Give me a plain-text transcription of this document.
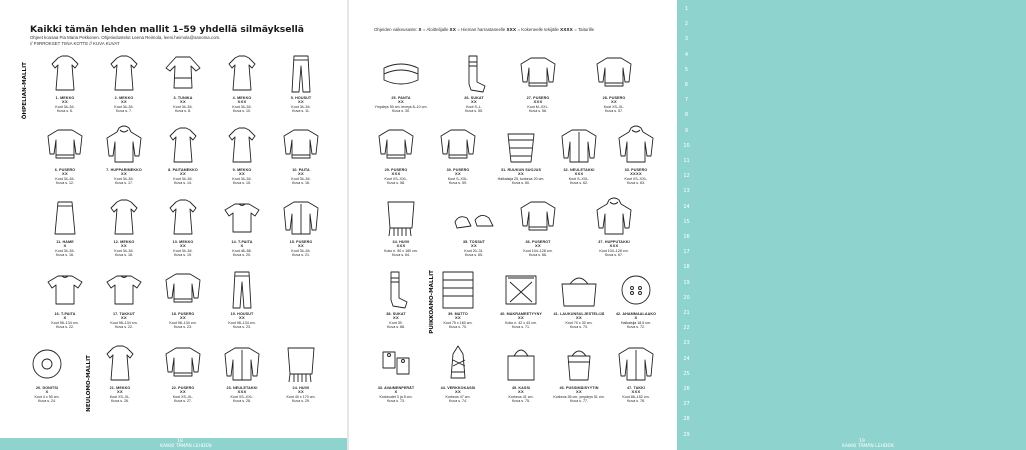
Kaikki tämän lehden mallit 1–59 yhdellä silmäyksellä
Ohjeet koosaa Pia Maria Pekkonen. Ohjetiedustelut Leena Reimola, leeni.heimola@sanoma.com.
// PIIRROKSET TIINA KOTTE // KUVA KUVAT
ÖHPELIAN-MALLIT
NEULOMO-MALLIT
1. MEKKO
XX
Koot 34–54.
Kuva s. 6.
2. MEKKO
XX
Koot 34–54.
Kuva s. 7.
3. TUNIKA
XX
Koot 34–54.
Kuva s. 8.
4. MEKKO
XXX
Koot 34–54.
Kuva s. 10.
5. HOUSUT
XX
Koot 34–54.
Kuva s. 11.
6. PUSERO
XX
Koot 34–54.
Kuva s. 12.
7. HUPPARIMEKKO
XX
Koot 34–54.
Kuva s. 17.
8. PAITAMEKKO
XX
Koot 34–54.
Kuva s. 14.
9. MEKKO
XX
Koot 34–54.
Kuva s. 15.
10. PAITA
XX
Koot 34–54.
Kuva s. 16.
11. HAME
X
Koot 34–54.
Kuva s. 16.
12. MEKKO
XX
Koot 34–54.
Kuva s. 18.
13. MEKKO
XX
Koot 34–54.
Kuva s. 19.
14. T-PAITA
X
Koot 46–58.
Kuva s. 20.
15. PUSERO
XX
Koot 34–54.
Kuva s. 21.
16. T-PAITA
X
Koot 98–134 cm.
Kuva s. 22.
17. TAKKUT
XX
Koot 98–134 cm.
Kuva s. 22.
18. PUSERO
XX
Koot 98–134 cm.
Kuva s. 23.
19. HOUSUT
XX
Koot 98–134 cm.
Kuva s. 23.
20. DONITSI
X
Koot 4 x 50 cm.
Kuva s. 24.
21. MEKKO
XX
Koot XS–XL.
Kuva s. 26.
22. PUSERO
XX
Koot XS–XL.
Kuva s. 27.
23. NEULETAKKI
XXX
Koot XS–XXL.
Kuva s. 28.
24. HUIVI
XX
Koot 40 x 170 cm.
Kuva s. 29.
18
KAIKKI TÄMÄN LEHDEN
Ohjeiden vaikeusaste: X = Aloittelijalle XX = Hieman harrastaneelle XXX = Kokeneelle tekijälle XXXX = Taiturille
PUIKKOAMO-MALLIT
25. PANTA
XX
Ympärys 50 cm, leveys 8–10 cm.
Kuva s. 30.
26. SUKAT
XX
Koot S–L.
Kuva s. 55.
27. PUSERO
XXX
Koot M–XXL.
Kuva s. 56.
28. PUSERO
XX
Koot XS–XL.
Kuva s. 57.
29. PUSERO
XXX
Koot XS–XXL.
Kuva s. 58.
30. PUSERO
XX
Koot S–XXL.
Kuva s. 59.
31. RUUKUN SUOJUS
XX
Halkaisija 25, korkeus 20 cm.
Kuva s. 60.
32. NEULETAKKI
XXX
Koot S–XXL.
Kuva s. 62.
33. PUSERO
XXXX
Koot XS–XXL.
Kuva s. 63.
34. HUIVI
XXX
Koko n. 50 x 180 cm.
Kuva s. 64.
35. TOSSUT
XX
Koot 20–31.
Kuva s. 65.
36. PUSEROT
XX
Koot 104–128 cm.
Kuva s. 66.
37. HUPPUTAKKI
XXX
Koot 104–128 cm.
Kuva s. 67.
38. SUKAT
XX
Koot 39.
Kuva s. 68.
39. MATTO
XX
Koot 75 x 160 cm.
Kuva s. 70.
40. MAKRAMEETYYNY
XX
Koko n. 42 x 43 cm.
Kuva s. 71.
41. LAUKUNSULJESTELIJÄ
XX
Koot 70 x 30 cm.
Kuva s. 73.
42. AHAMMAALAAKO
X
Halkaisija 18,5 cm.
Kuva s. 72.
43. AVAIMENPERÄT
X
Korkeudet 3 ja 5 cm.
Kuva s. 73.
44. VERKKOKASSI
XX
Korkeus 47 cm.
Kuva s. 74.
45. KASSI
XX
Korkeus 41 cm.
Kuva s. 75.
46. PUSSIMÄISYYTIN
XX
Korkeus 36 cm, ympärys 51 cm.
Kuva s. 77.
47. TAKKI
XXX
Koot 86–152 cm.
Kuva s. 78.
19
KAIKKI TÄMÄN LEHDEN
1
2
3
4
5
6
7
8
9
10
11
12
13
14
15
16
17
18
19
20
21
22
23
24
25
26
27
28
29
